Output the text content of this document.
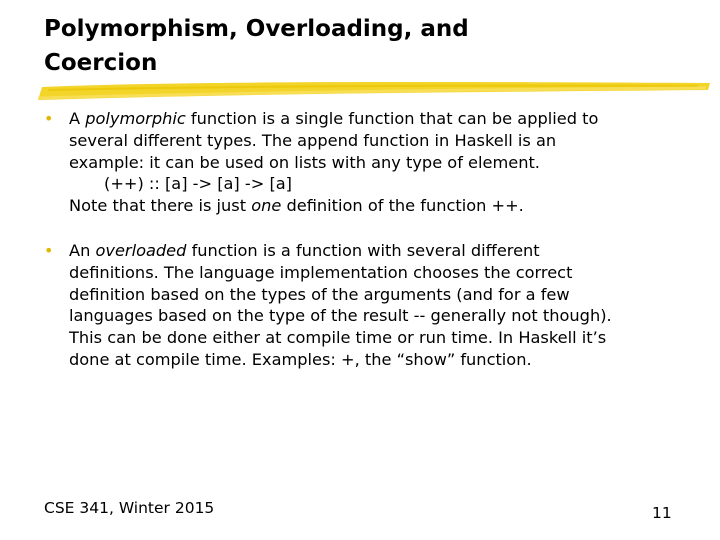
Polymorphism, Overloading, and
Coercion
• A polymorphic function is a single function that can be applied to
several different types. The append function in Haskell is an
example: it can be used on lists with any type of element.
(++) :: [a] -> [a] -> [a]
Note that there is just one definition of the function ++.
• An overloaded function is a function with several different
definitions. The language implementation chooses the correct
definition based on the types of the arguments (and for a few
languages based on the type of the result -- generally not though).
This can be done either at compile time or run time. In Haskell it’s
done at compile time. Examples: +, the “show” function.
CSE 341, Winter 2015	11
